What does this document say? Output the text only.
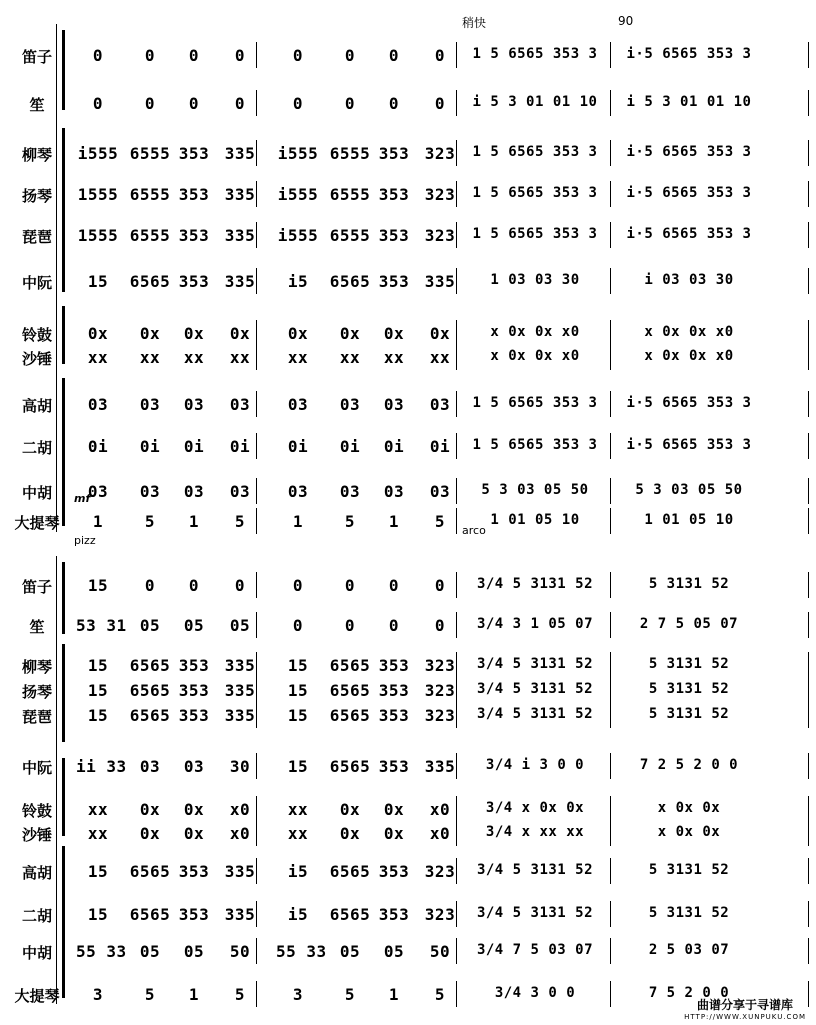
稍快	90
mf
pizz
arco
笛子	0	0	0	0	0	0	0	0	1 5 6565 353 3	i·5 6565 353 3
笙	0	0	0	0	0	0	0	0	i 5 3 01 01 10	i 5 3 01 01 10
柳琴	i555 6555 353 335	i555 6555 353 323	1 5 6565 353 3	i·5 6565 353 3
扬琴	1555 6555 353 335	i555 6555 353 323	1 5 6565 353 3	i·5 6565 353 3
琵琶	1555 6555 353 335	i555 6555 353 323	1 5 6565 353 3	i·5 6565 353 3
中阮	15	6565 353 335	i5	6565 353 335	1 03 03 30	i 03 03 30
铃鼓	0x	0x	0x	0x	0x	0x	0x	0x	x 0x 0x x0	x 0x 0x x0
沙锤	xx	xx	xx	xx	xx	xx	xx	xx	x 0x 0x x0	x 0x 0x x0
高胡	03	03	03	03	03	03	03	03	1 5 6565 353 3	i·5 6565 353 3
二胡	0i	0i	0i	0i	0i	0i	0i	0i	1 5 6565 353 3	i·5 6565 353 3
中胡	03	03	03	03	03	03	03	03	5 3 03 05 50	5 3 03 05 50
大提琴	1	5	1	5	1	5	1	5	1 01 05 10	1 01 05 10
笛子	15	0	0	0	0	0	0	0	3/4 5 3131 52	5 3131 52
笙	53 31 05	05	05	0	0	0	0	3/4 3 1 05 07	2 7 5 05 07
柳琴	15	6565 353 335	15	6565 353 323	3/4 5 3131 52	5 3131 52
扬琴	15	6565 353 335	15	6565 353 323	3/4 5 3131 52	5 3131 52
琵琶	15	6565 353 335	15	6565 353 323	3/4 5 3131 52	5 3131 52
中阮	ii 33 03	03	30	15	6565 353 335	3/4 i 3 0 0	7 2 5 2 0 0
铃鼓	xx	0x	0x	x0	xx	0x	0x	x0	3/4 x 0x 0x	x 0x 0x
沙锤	xx	0x	0x	x0	xx	0x	0x	x0	3/4 x xx xx	x 0x 0x
高胡	15	6565 353 335	i5	6565 353 323	3/4 5 3131 52	5 3131 52
二胡	15	6565 353 335	i5	6565 353 323	3/4 5 3131 52	5 3131 52
中胡	55 33 05	05	50	55 33 05	05	50	3/4 7 5 03 07	2 5 03 07
大提琴	3	5	1	5	3	5	1	5	3/4 3 0 0	7 5 2 0 0
曲谱分享于寻谱库
HTTP://WWW.XUNPUKU.COM
